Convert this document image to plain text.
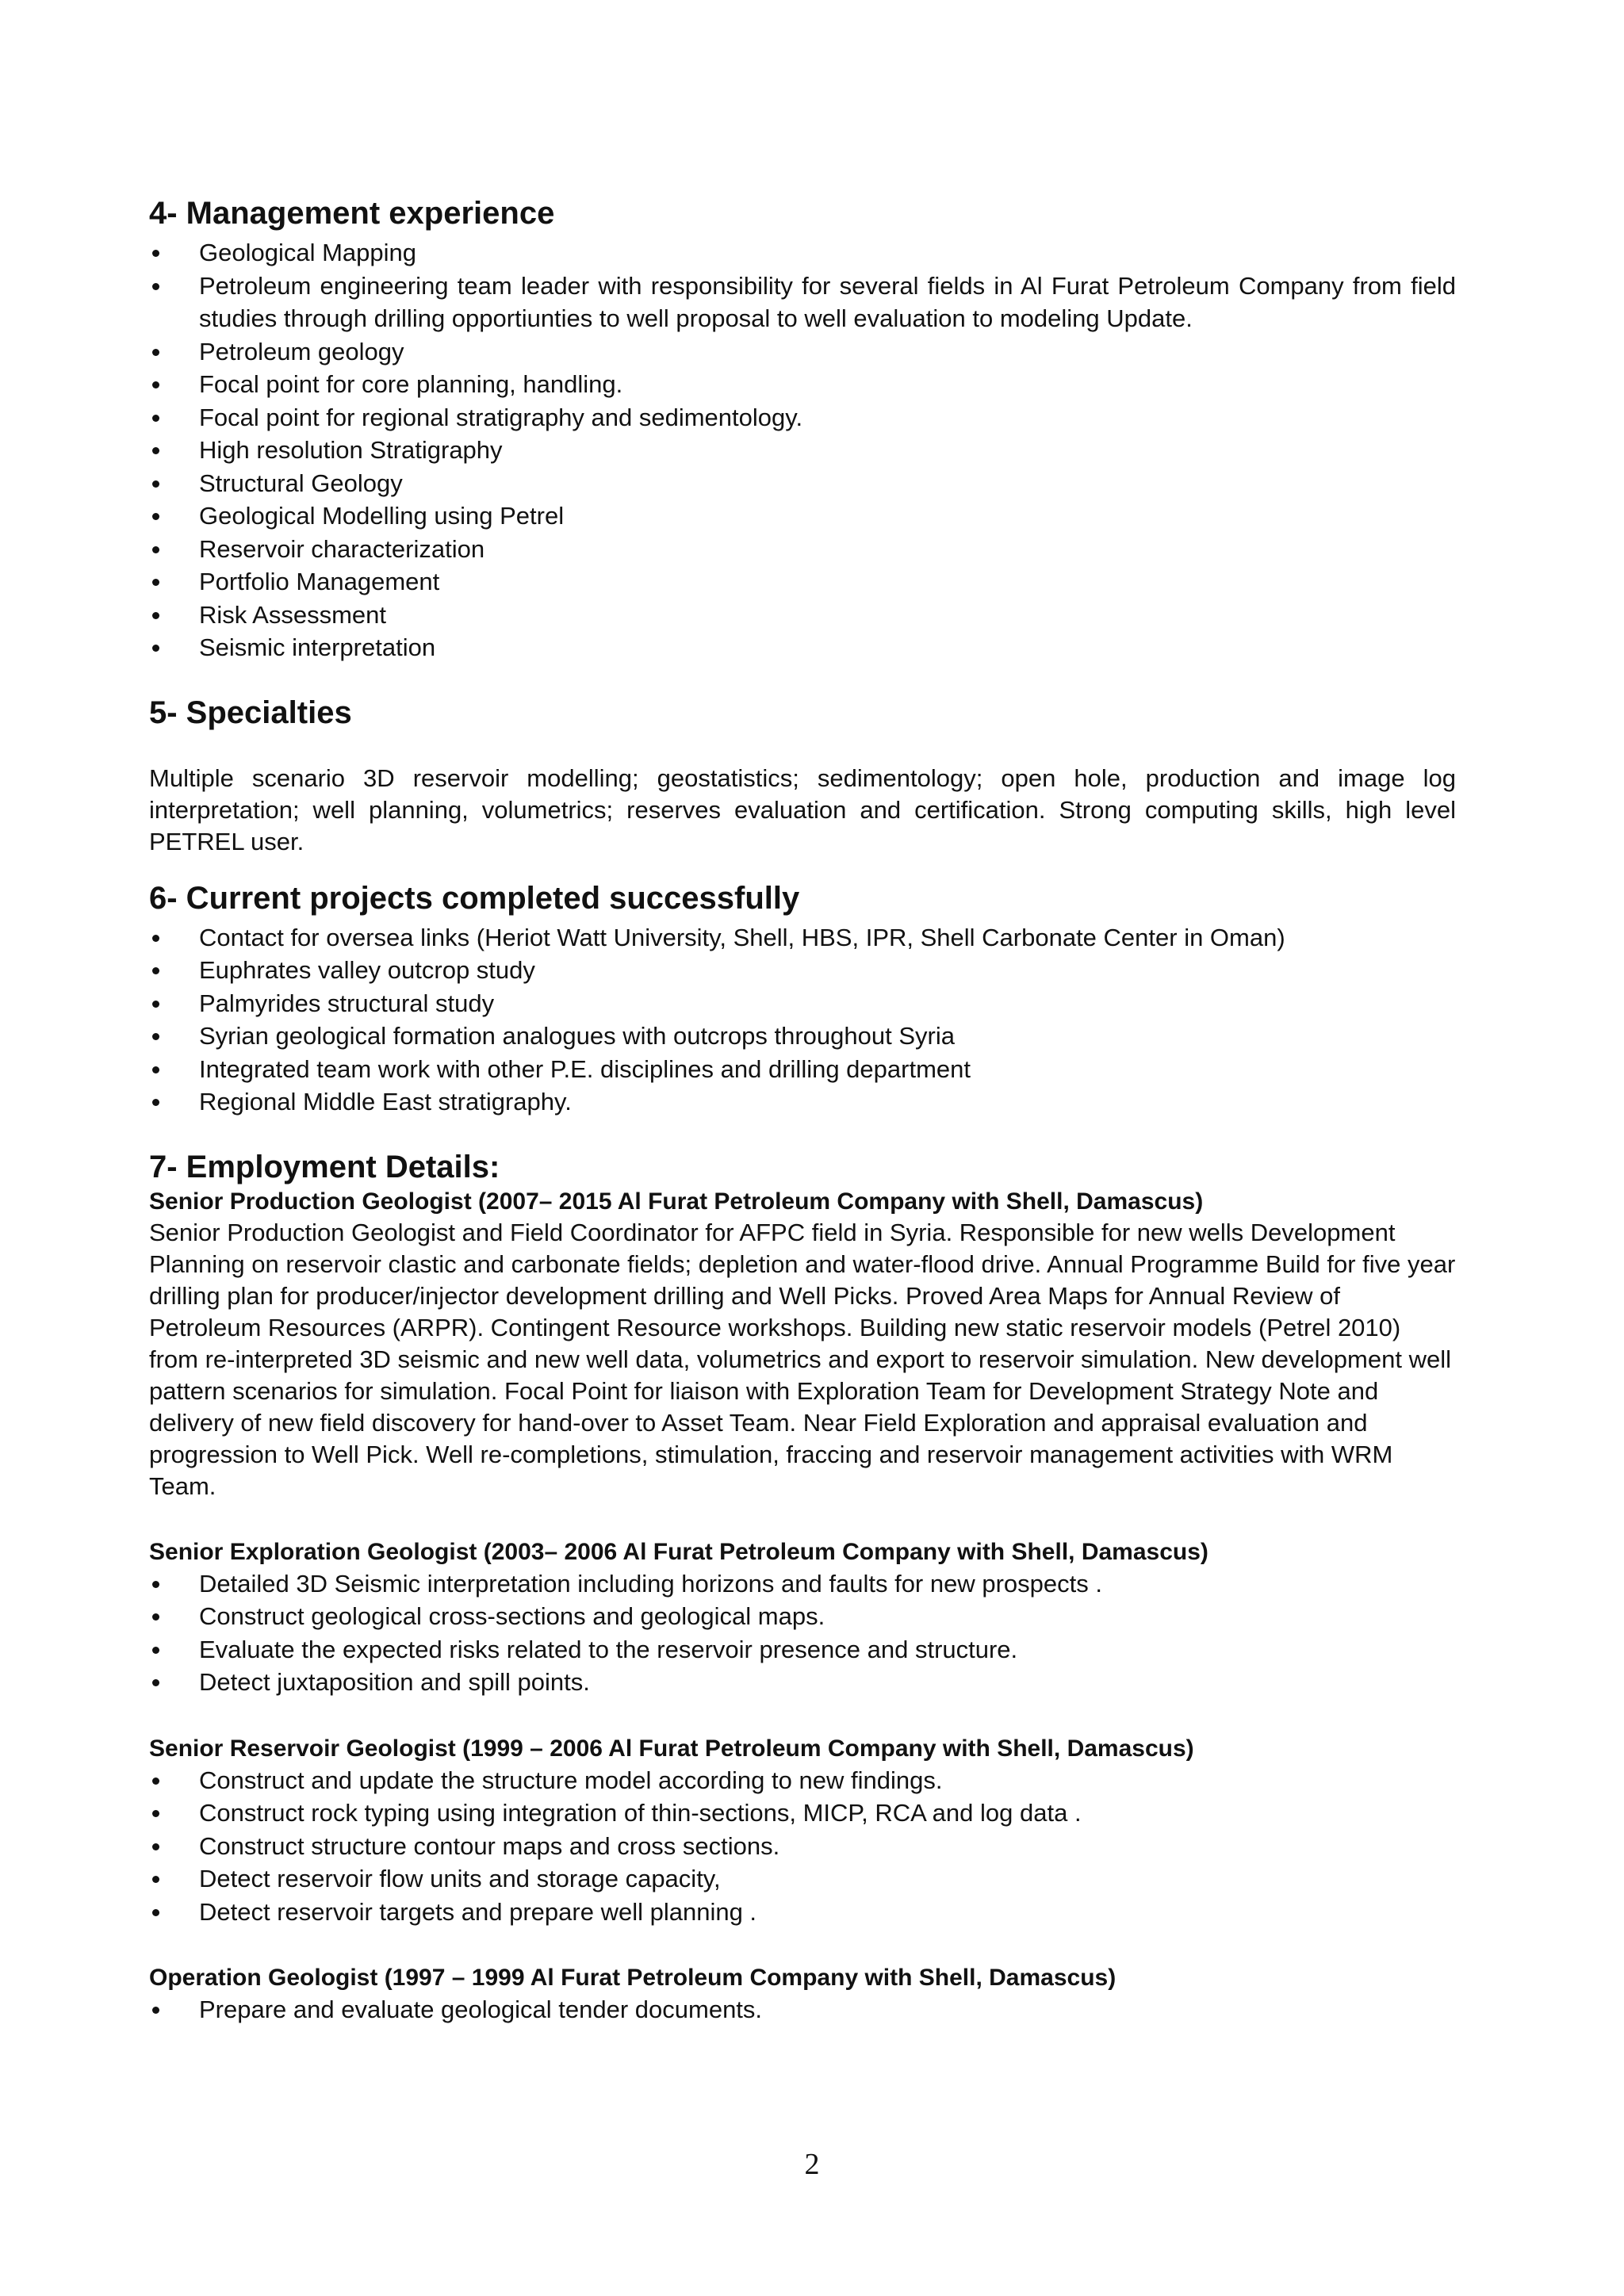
4- Management experience
Geological Mapping
Petroleum engineering team leader with responsibility for several fields in Al Furat Petroleum Company from field studies through drilling opportiunties to well proposal to well evaluation to modeling Update.
Petroleum geology
Focal point for core planning, handling.
Focal point for regional stratigraphy and sedimentology.
High resolution Stratigraphy
Structural Geology
Geological Modelling using Petrel
Reservoir characterization
Portfolio Management
Risk Assessment
Seismic interpretation
5- Specialties

Multiple scenario 3D reservoir modelling; geostatistics; sedimentology; open hole, production and image log interpretation; well planning, volumetrics; reserves evaluation and certification. Strong computing skills, high level PETREL user.

6- Current projects completed successfully
Contact for oversea links (Heriot Watt University, Shell, HBS, IPR, Shell Carbonate Center in Oman)
Euphrates valley outcrop study
Palmyrides structural study
Syrian geological formation analogues with outcrops throughout Syria
Integrated team work with other P.E. disciplines and drilling department
Regional Middle East stratigraphy.
7- Employment Details:
Senior Production Geologist (2007– 2015 Al Furat Petroleum Company with Shell, Damascus)

Senior Production Geologist and Field Coordinator for AFPC field in Syria. Responsible for new wells Development Planning on reservoir clastic and carbonate fields; depletion and water-flood drive. Annual Programme Build for five year drilling plan for producer/injector development drilling and Well Picks. Proved Area Maps for Annual Review of Petroleum Resources (ARPR). Contingent Resource workshops. Building new static reservoir models (Petrel 2010) from re-interpreted 3D seismic and new well data, volumetrics and export to reservoir simulation. New development well pattern scenarios for simulation. Focal Point for liaison with Exploration Team for Development Strategy Note and delivery of new field discovery for hand-over to Asset Team. Near Field Exploration and appraisal evaluation and progression to Well Pick. Well re-completions, stimulation, fraccing and reservoir management activities with WRM Team.

Senior Exploration Geologist (2003– 2006 Al Furat Petroleum Company with Shell, Damascus)
Detailed 3D Seismic interpretation including horizons and faults for new prospects .
Construct geological cross-sections and geological maps.
Evaluate the expected risks related to the reservoir presence and structure.
Detect juxtaposition and spill points.
Senior Reservoir Geologist (1999 – 2006 Al Furat Petroleum Company with Shell, Damascus)
Construct and update the structure model according to new findings.
Construct rock typing using integration of thin-sections, MICP, RCA and log data .
Construct structure contour maps and cross sections.
Detect reservoir flow units and storage capacity,
Detect reservoir targets and prepare well planning .
Operation Geologist (1997 – 1999 Al Furat Petroleum Company with Shell, Damascus)
Prepare and evaluate geological tender documents.
2
